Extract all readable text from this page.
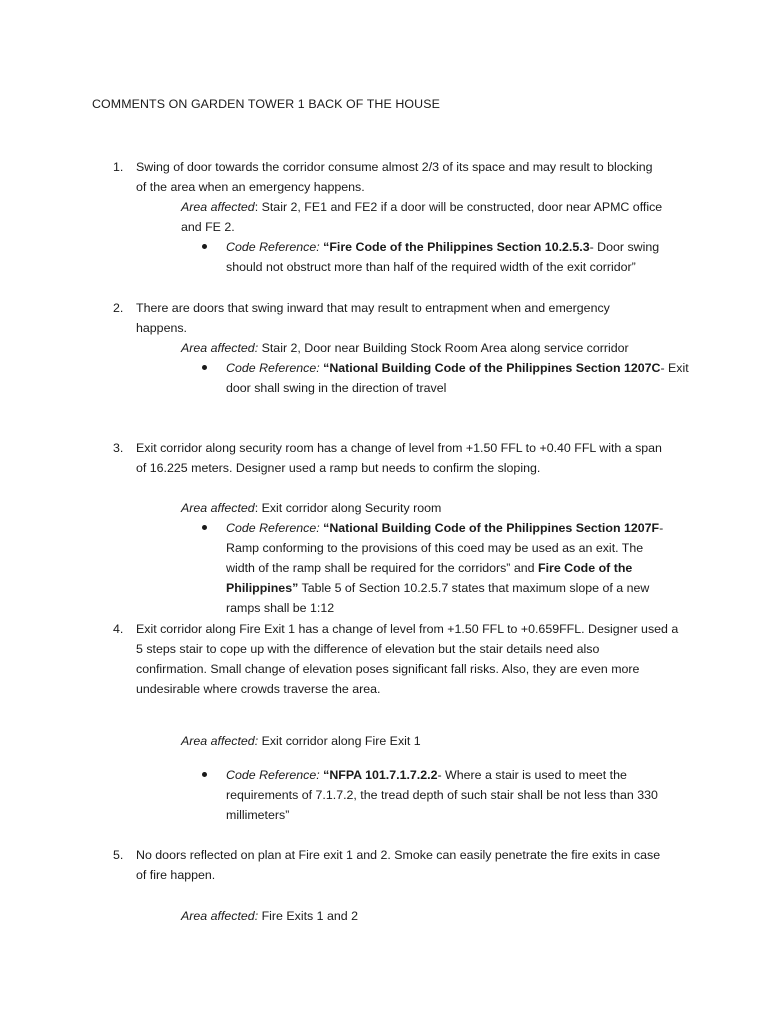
COMMENTS ON GARDEN TOWER 1 BACK OF THE HOUSE
1. Swing of door towards the corridor consume almost 2/3 of its space and may result to blocking
of the area when an emergency happens.
Area affected: Stair 2, FE1 and FE2 if a door will be constructed, door near APMC office
and FE 2.
Code Reference: “Fire Code of the Philippines Section 10.2.5.3- Door swing
should not obstruct more than half of the required width of the exit corridor”
2. There are doors that swing inward that may result to entrapment when and emergency
happens.
Area affected: Stair 2, Door near Building Stock Room Area along service corridor
Code Reference: “National Building Code of the Philippines Section 1207C- Exit
door shall swing in the direction of travel
3. Exit corridor along security room has a change of level from +1.50 FFL to +0.40 FFL with a span
of 16.225 meters. Designer used a ramp but needs to confirm the sloping.
Area affected: Exit corridor along Security room
Code Reference: “National Building Code of the Philippines Section 1207F-
Ramp conforming to the provisions of this coed may be used as an exit. The
width of the ramp shall be required for the corridors” and Fire Code of the
Philippines” Table 5 of Section 10.2.5.7 states that maximum slope of a new
ramps shall be 1:12
4. Exit corridor along Fire Exit 1 has a change of level from +1.50 FFL to +0.659FFL. Designer used a
5 steps stair to cope up with the difference of elevation but the stair details need also
confirmation. Small change of elevation poses significant fall risks. Also, they are even more
undesirable where crowds traverse the area.
Area affected: Exit corridor along Fire Exit 1
Code Reference: “NFPA 101.7.1.7.2.2- Where a stair is used to meet the
requirements of 7.1.7.2, the tread depth of such stair shall be not less than 330
millimeters”
5. No doors reflected on plan at Fire exit 1 and 2. Smoke can easily penetrate the fire exits in case
of fire happen.
Area affected: Fire Exits 1 and 2
